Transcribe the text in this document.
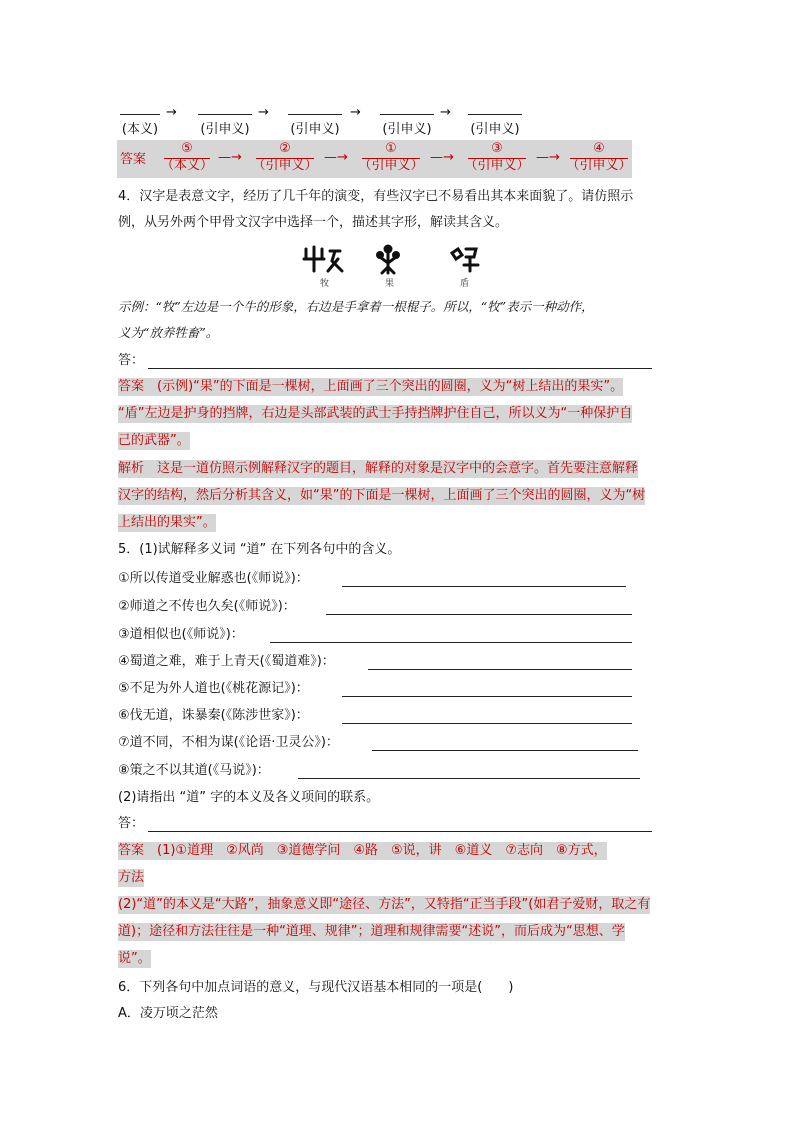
(本义)
→
(引申义)
→
(引申义)
→
(引申义)
→
(引申义)
答案
⑤
（本义）
—→
②
（引申义）
—→
①
（引申义）
—→
③
（引申义）
—→
④
（引申义）
4．汉字是表意文字，经历了几千年的演变，有些汉字已不易看出其本来面貌了。请仿照示
例，从另外两个甲骨文汉字中选择一个，描述其字形，解读其含义。
牧	果	盾
示例：“牧”左边是一个牛的形象，右边是手拿着一根棍子。所以，“牧”表示一种动作，
义为“放养牲畜”。
答：
答案　(示例)“果”的下面是一棵树，上面画了三个突出的圆圈，义为“树上结出的果实”。
“盾”左边是护身的挡牌，右边是头部武装的武士手持挡牌护住自己，所以义为“一种保护自
己的武器”。
解析　这是一道仿照示例解释汉字的题目，解释的对象是汉字中的会意字。首先要注意解释
汉字的结构，然后分析其含义，如“果”的下面是一棵树，上面画了三个突出的圆圈，义为“树
上结出的果实”。
5．(1)试解释多义词 “道” 在下列各句中的含义。
①所以传道受业解惑也(《师说》)：
②师道之不传也久矣(《师说》)：
③道相似也(《师说》)：
④蜀道之难，难于上青天(《蜀道难》)：
⑤不足为外人道也(《桃花源记》)：
⑥伐无道，诛暴秦(《陈涉世家》)：
⑦道不同，不相为谋(《论语·卫灵公》)：
⑧策之不以其道(《马说》)：
(2)请指出 “道” 字的本义及各义项间的联系。
答：
答案　(1)①道理　②风尚　③道德学问　④路　⑤说，讲　⑥道义　⑦志向　⑧方式，
方法
(2)“道”的本义是“大路”，抽象意义即“途径、方法”，又特指“正当手段”(如君子爱财，取之有
道)；途径和方法往往是一种“道理、规律”；道理和规律需要“述说”，而后成为“思想、学
说”。
6．下列各句中加点词语的意义，与现代汉语基本相同的一项是(　　)
A．凌万顷之茫然
